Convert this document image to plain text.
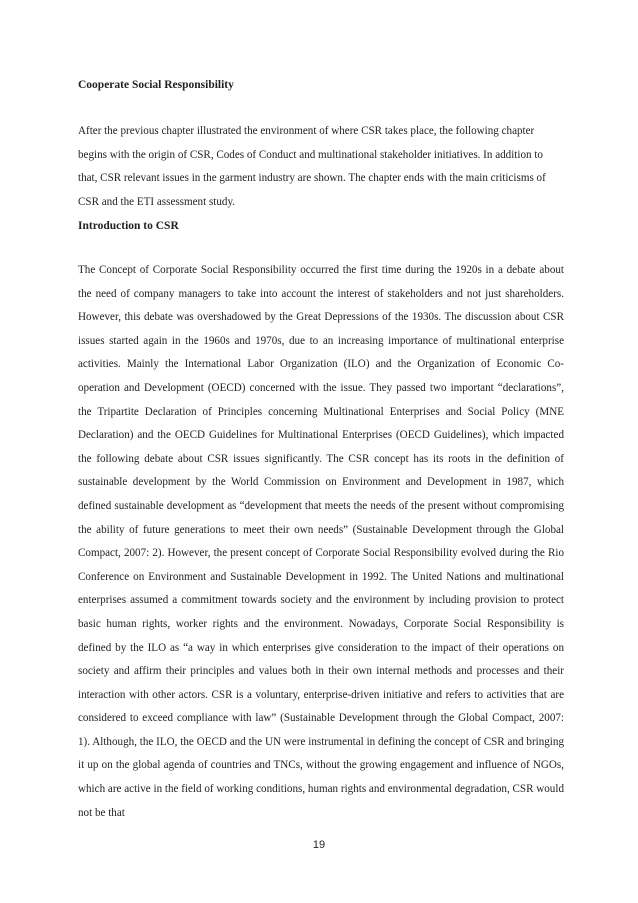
Cooperate Social Responsibility

After the previous chapter illustrated the environment of where CSR takes place, the following chapter begins with the origin of CSR, Codes of Conduct and multinational stakeholder initiatives. In addition to that, CSR relevant issues in the garment industry are shown. The chapter ends with the main criticisms of CSR and the ETI assessment study.

Introduction to CSR

The Concept of Corporate Social Responsibility occurred the first time during the 1920s in a debate about the need of company managers to take into account the interest of stakeholders and not just shareholders. However, this debate was overshadowed by the Great Depressions of the 1930s. The discussion about CSR issues started again in the 1960s and 1970s, due to an increasing importance of multinational enterprise activities. Mainly the International Labor Organization (ILO) and the Organization of Economic Co-operation and Development (OECD) concerned with the issue. They passed two important “declarations”, the Tripartite Declaration of Principles concerning Multinational Enterprises and Social Policy (MNE Declaration) and the OECD Guidelines for Multinational Enterprises (OECD Guidelines), which impacted the following debate about CSR issues significantly. The CSR concept has its roots in the definition of sustainable development by the World Commission on Environment and Development in 1987, which defined sustainable development as “development that meets the needs of the present without compromising the ability of future generations to meet their own needs” (Sustainable Development through the Global Compact, 2007: 2). However, the present concept of Corporate Social Responsibility evolved during the Rio Conference on Environment and Sustainable Development in 1992. The United Nations and multinational enterprises assumed a commitment towards society and the environment by including provision to protect basic human rights, worker rights and the environment. Nowadays, Corporate Social Responsibility is defined by the ILO as “a way in which enterprises give consideration to the impact of their operations on society and affirm their principles and values both in their own internal methods and processes and their interaction with other actors. CSR is a voluntary, enterprise-driven initiative and refers to activities that are considered to exceed compliance with law” (Sustainable Development through the Global Compact, 2007: 1). Although, the ILO, the OECD and the UN were instrumental in defining the concept of CSR and bringing it up on the global agenda of countries and TNCs, without the growing engagement and influence of NGOs, which are active in the field of working conditions, human rights and environmental degradation, CSR would not be that

19
